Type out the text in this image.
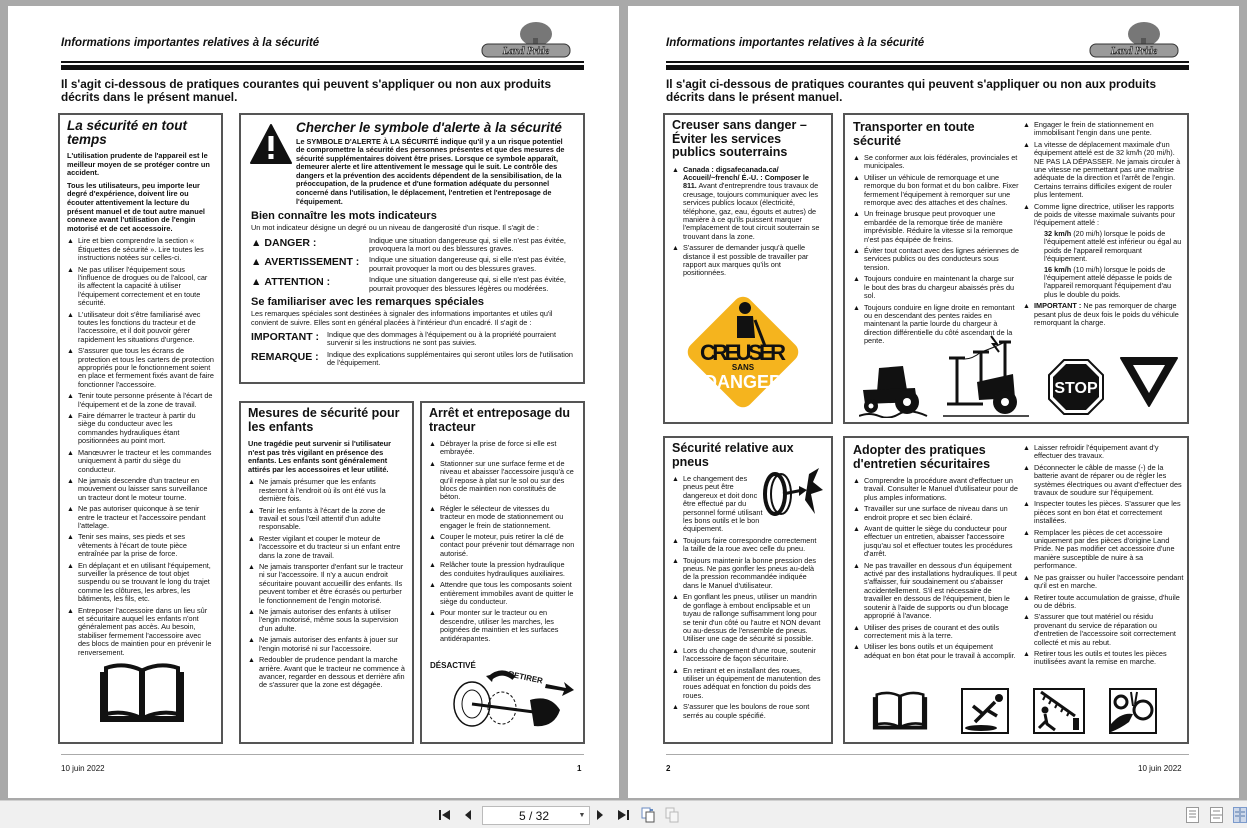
Informations importantes relatives à la sécurité
Land Pride
Il s'agit ci-dessous de pratiques courantes qui peuvent s'appliquer ou non aux produits décrits dans le présent manuel.
La sécurité en tout temps
L'utilisation prudente de l'appareil est le meilleur moyen de se protéger contre un accident.
Tous les utilisateurs, peu importe leur degré d'expérience, doivent lire ou écouter attentivement la lecture du présent manuel et de tout autre manuel connexe avant l'utilisation de l'engin motorisé et de cet accessoire.
▲ Lire et bien comprendre la section « Étiquettes de sécurité ». Lire toutes les instructions notées sur celles-ci.
▲ Ne pas utiliser l'équipement sous l'influence de drogues ou de l'alcool, car ils affectent la capacité à utiliser l'équipement correctement et en toute sécurité.
▲ L'utilisateur doit s'être familiarisé avec toutes les fonctions du tracteur et de l'accessoire, et il doit pouvoir gérer rapidement les situations d'urgence.
▲ S'assurer que tous les écrans de protection et tous les carters de protection appropriés pour le fonctionnement soient en place et fermement fixés avant de faire fonctionner l'accessoire.
▲ Tenir toute personne présente à l'écart de l'équipement et de la zone de travail.
▲ Faire démarrer le tracteur à partir du siège du conducteur avec les commandes hydrauliques étant positionnées au point mort.
▲ Manœuvrer le tracteur et les commandes uniquement à partir du siège du conducteur.
▲ Ne jamais descendre d'un tracteur en mouvement ou laisser sans surveillance un tracteur dont le moteur tourne.
▲ Ne pas autoriser quiconque à se tenir entre le tracteur et l'accessoire pendant l'attelage.
▲ Tenir ses mains, ses pieds et ses vêtements à l'écart de toute pièce entraînée par la prise de force.
▲ En déplaçant et en utilisant l'équipement, surveiller la présence de tout objet suspendu ou se trouvant le long du trajet comme les clôtures, les arbres, les bâtiments, les fils, etc.
▲ Entreposer l'accessoire dans un lieu sûr et sécuritaire auquel les enfants n'ont généralement pas accès. Au besoin, stabiliser fermement l'accessoire avec des blocs de maintien pour en prévenir le renversement.
Chercher le symbole d'alerte à la sécurité
Le SYMBOLE D'ALERTE À LA SÉCURITÉ indique qu'il y a un risque potentiel de compromettre la sécurité des personnes présentes et que des mesures de sécurité supplémentaires doivent être prises. Lorsque ce symbole apparaît, demeurer alerte et lire attentivement le message qui le suit. Le contrôle des dangers et la prévention des accidents dépendent de la sensibilisation, de la préoccupation, de la prudence et d'une formation adéquate du personnel concerné dans l'utilisation, le déplacement, l'entretien et l'entreposage de l'équipement.
Bien connaître les mots indicateurs
Un mot indicateur désigne un degré ou un niveau de dangerosité d'un risque. Il s'agit de :
▲ DANGER :	Indique une situation dangereuse qui, si elle n'est pas évitée, provoquera la mort ou des blessures graves.
▲ AVERTISSEMENT : Indique une situation dangereuse qui, si elle n'est pas évitée, pourrait provoquer la mort ou des blessures graves.
▲ ATTENTION :	Indique une situation dangereuse qui, si elle n'est pas évitée, pourrait provoquer des blessures légères ou modérées.
Se familiariser avec les remarques spéciales
Les remarques spéciales sont destinées à signaler des informations importantes et utiles qu'il convient de suivre. Elles sont en général placées à l'intérieur d'un encadré. Il s'agit de :
IMPORTANT :	Indique que des dommages à l'équipement ou à la propriété pourraient survenir si les instructions ne sont pas suivies.
REMARQUE :	Indique des explications supplémentaires qui seront utiles lors de l'utilisation de l'équipement.
Mesures de sécurité pour les enfants
Une tragédie peut survenir si l'utilisateur n'est pas très vigilant en présence des enfants. Les enfants sont généralement attirés par les accessoires et leur utilité.
▲ Ne jamais présumer que les enfants resteront à l'endroit où ils ont été vus la dernière fois.
▲ Tenir les enfants à l'écart de la zone de travail et sous l'œil attentif d'un adulte responsable.
▲ Rester vigilant et couper le moteur de l'accessoire et du tracteur si un enfant entre dans la zone de travail.
▲ Ne jamais transporter d'enfant sur le tracteur ni sur l'accessoire. Il n'y a aucun endroit sécuritaire pouvant accueillir des enfants. Ils peuvent tomber et être écrasés ou perturber le fonctionnement de l'engin motorisé.
▲ Ne jamais autoriser des enfants à utiliser l'engin motorisé, même sous la supervision d'un adulte.
▲ Ne jamais autoriser des enfants à jouer sur l'engin motorisé ni sur l'accessoire.
▲ Redoubler de prudence pendant la marche arrière. Avant que le tracteur ne commence à avancer, regarder en dessous et derrière afin de s'assurer que la zone est dégagée.
Arrêt et entreposage du tracteur
▲ Débrayer la prise de force si elle est embrayée.
▲ Stationner sur une surface ferme et de niveau et abaisser l'accessoire jusqu'à ce qu'il repose à plat sur le sol ou sur des blocs de maintien non constitués de béton.
▲ Régler le sélecteur de vitesses du tracteur en mode de stationnement ou engager le frein de stationnement.
▲ Couper le moteur, puis retirer la clé de contact pour prévenir tout démarrage non autorisé.
▲ Relâcher toute la pression hydraulique des conduites hydrauliques auxiliaires.
▲ Attendre que tous les composants soient entièrement immobiles avant de quitter le siège du conducteur.
▲ Pour monter sur le tracteur ou en descendre, utiliser les marches, les poignées de maintien et les surfaces antidérapantes.
DÉSACTIVÉ
RETIRER
10 juin 2022	1
Informations importantes relatives à la sécurité
Land Pride
Il s'agit ci-dessous de pratiques courantes qui peuvent s'appliquer ou non aux produits décrits dans le présent manuel.
Creuser sans danger – Éviter les services publics souterrains
▲ Canada : digsafecanada.ca/ Accueil/~french/ É.-U. : Composer le 811. Avant d'entreprendre tous travaux de creusage, toujours communiquer avec les services publics locaux (électricité, téléphone, gaz, eau, égouts et autres) de manière à ce qu'ils puissent marquer l'emplacement de tout circuit souterrain se trouvant dans la zone.
▲ S'assurer de demander jusqu'à quelle distance il est possible de travailler par rapport aux marques qu'ils ont positionnées.
CREUSER
SANS
DANGER
Transporter en toute sécurité
▲ Se conformer aux lois fédérales, provinciales et municipales.
▲ Utiliser un véhicule de remorquage et une remorque du bon format et du bon calibre. Fixer fermement l'équipement à remorquer sur une remorque avec des attaches et des chaînes.
▲ Un freinage brusque peut provoquer une embardée de la remorque tirée de manière imprévisible. Réduire la vitesse si la remorque n'est pas équipée de freins.
▲ Éviter tout contact avec des lignes aériennes de services publics ou des conducteurs sous tension.
▲ Toujours conduire en maintenant la charge sur le bout des bras du chargeur abaissés près du sol.
▲ Toujours conduire en ligne droite en remontant ou en descendant des pentes raides en maintenant la partie lourde du chargeur à direction différentielle du côté ascendant de la pente.
▲ Engager le frein de stationnement en immobilisant l'engin dans une pente.
▲ La vitesse de déplacement maximale d'un équipement attelé est de 32 km/h (20 mi/h). NE PAS LA DÉPASSER. Ne jamais circuler à une vitesse ne permettant pas une maîtrise adéquate de la direction et l'arrêt de l'engin. Certains terrains difficiles exigent de rouler plus lentement.
▲ Comme ligne directrice, utiliser les rapports de poids de vitesse maximale suivants pour l'équipement attelé :
32 km/h (20 mi/h) lorsque le poids de l'équipement attelé est inférieur ou égal au poids de l'appareil remorquant l'équipement.
16 km/h (10 mi/h) lorsque le poids de l'équipement attelé dépasse le poids de l'appareil remorquant l'équipement d'au plus le double du poids.
▲ IMPORTANT : Ne pas remorquer de charge pesant plus de deux fois le poids du véhicule remorquant la charge.
STOP
Sécurité relative aux pneus
▲ Le changement des pneus peut être dangereux et doit donc être effectué par du personnel formé utilisant les bons outils et le bon équipement.
▲ Toujours faire correspondre correctement la taille de la roue avec celle du pneu.
▲ Toujours maintenir la bonne pression des pneus. Ne pas gonfler les pneus au-delà de la pression recommandée indiquée dans le Manuel d'utilisateur.
▲ En gonflant les pneus, utiliser un mandrin de gonflage à embout enclipsable et un tuyau de rallonge suffisamment long pour se tenir d'un côté ou l'autre et NON devant ou au-dessus de l'ensemble de pneus. Utiliser une cage de sécurité si possible.
▲ Lors du changement d'une roue, soutenir l'accessoire de façon sécuritaire.
▲ En retirant et en installant des roues, utiliser un équipement de manutention des roues adéquat en fonction du poids des roues.
▲ S'assurer que les boulons de roue sont serrés au couple spécifié.
Adopter des pratiques d'entretien sécuritaires
▲ Comprendre la procédure avant d'effectuer un travail. Consulter le Manuel d'utilisateur pour de plus amples informations.
▲ Travailler sur une surface de niveau dans un endroit propre et sec bien éclairé.
▲ Avant de quitter le siège du conducteur pour effectuer un entretien, abaisser l'accessoire jusqu'au sol et effectuer toutes les procédures d'arrêt.
▲ Ne pas travailler en dessous d'un équipement activé par des installations hydrauliques. Il peut s'affaisser, fuir soudainement ou s'abaisser accidentellement. S'il est nécessaire de travailler en dessous de l'équipement, bien le soutenir à l'aide de supports ou d'un blocage approprié à l'avance.
▲ Utiliser des prises de courant et des outils correctement mis à la terre.
▲ Utiliser les bons outils et un équipement adéquat en bon état pour le travail à accomplir.
▲ Laisser refroidir l'équipement avant d'y effectuer des travaux.
▲ Déconnecter le câble de masse (-) de la batterie avant de réparer ou de régler les systèmes électriques ou avant d'effectuer des travaux de soudure sur l'équipement.
▲ Inspecter toutes les pièces. S'assurer que les pièces sont en bon état et correctement installées.
▲ Remplacer les pièces de cet accessoire uniquement par des pièces d'origine Land Pride. Ne pas modifier cet accessoire d'une manière susceptible de nuire à sa performance.
▲ Ne pas graisser ou huiler l'accessoire pendant qu'il est en marche.
▲ Retirer toute accumulation de graisse, d'huile ou de débris.
▲ S'assurer que tout matériel ou résidu provenant du service de réparation ou d'entretien de l'accessoire soit correctement collecté et mis au rebut.
▲ Retirer tous les outils et toutes les pièces inutilisées avant la remise en marche.
2	10 juin 2022
5 / 32	▼
